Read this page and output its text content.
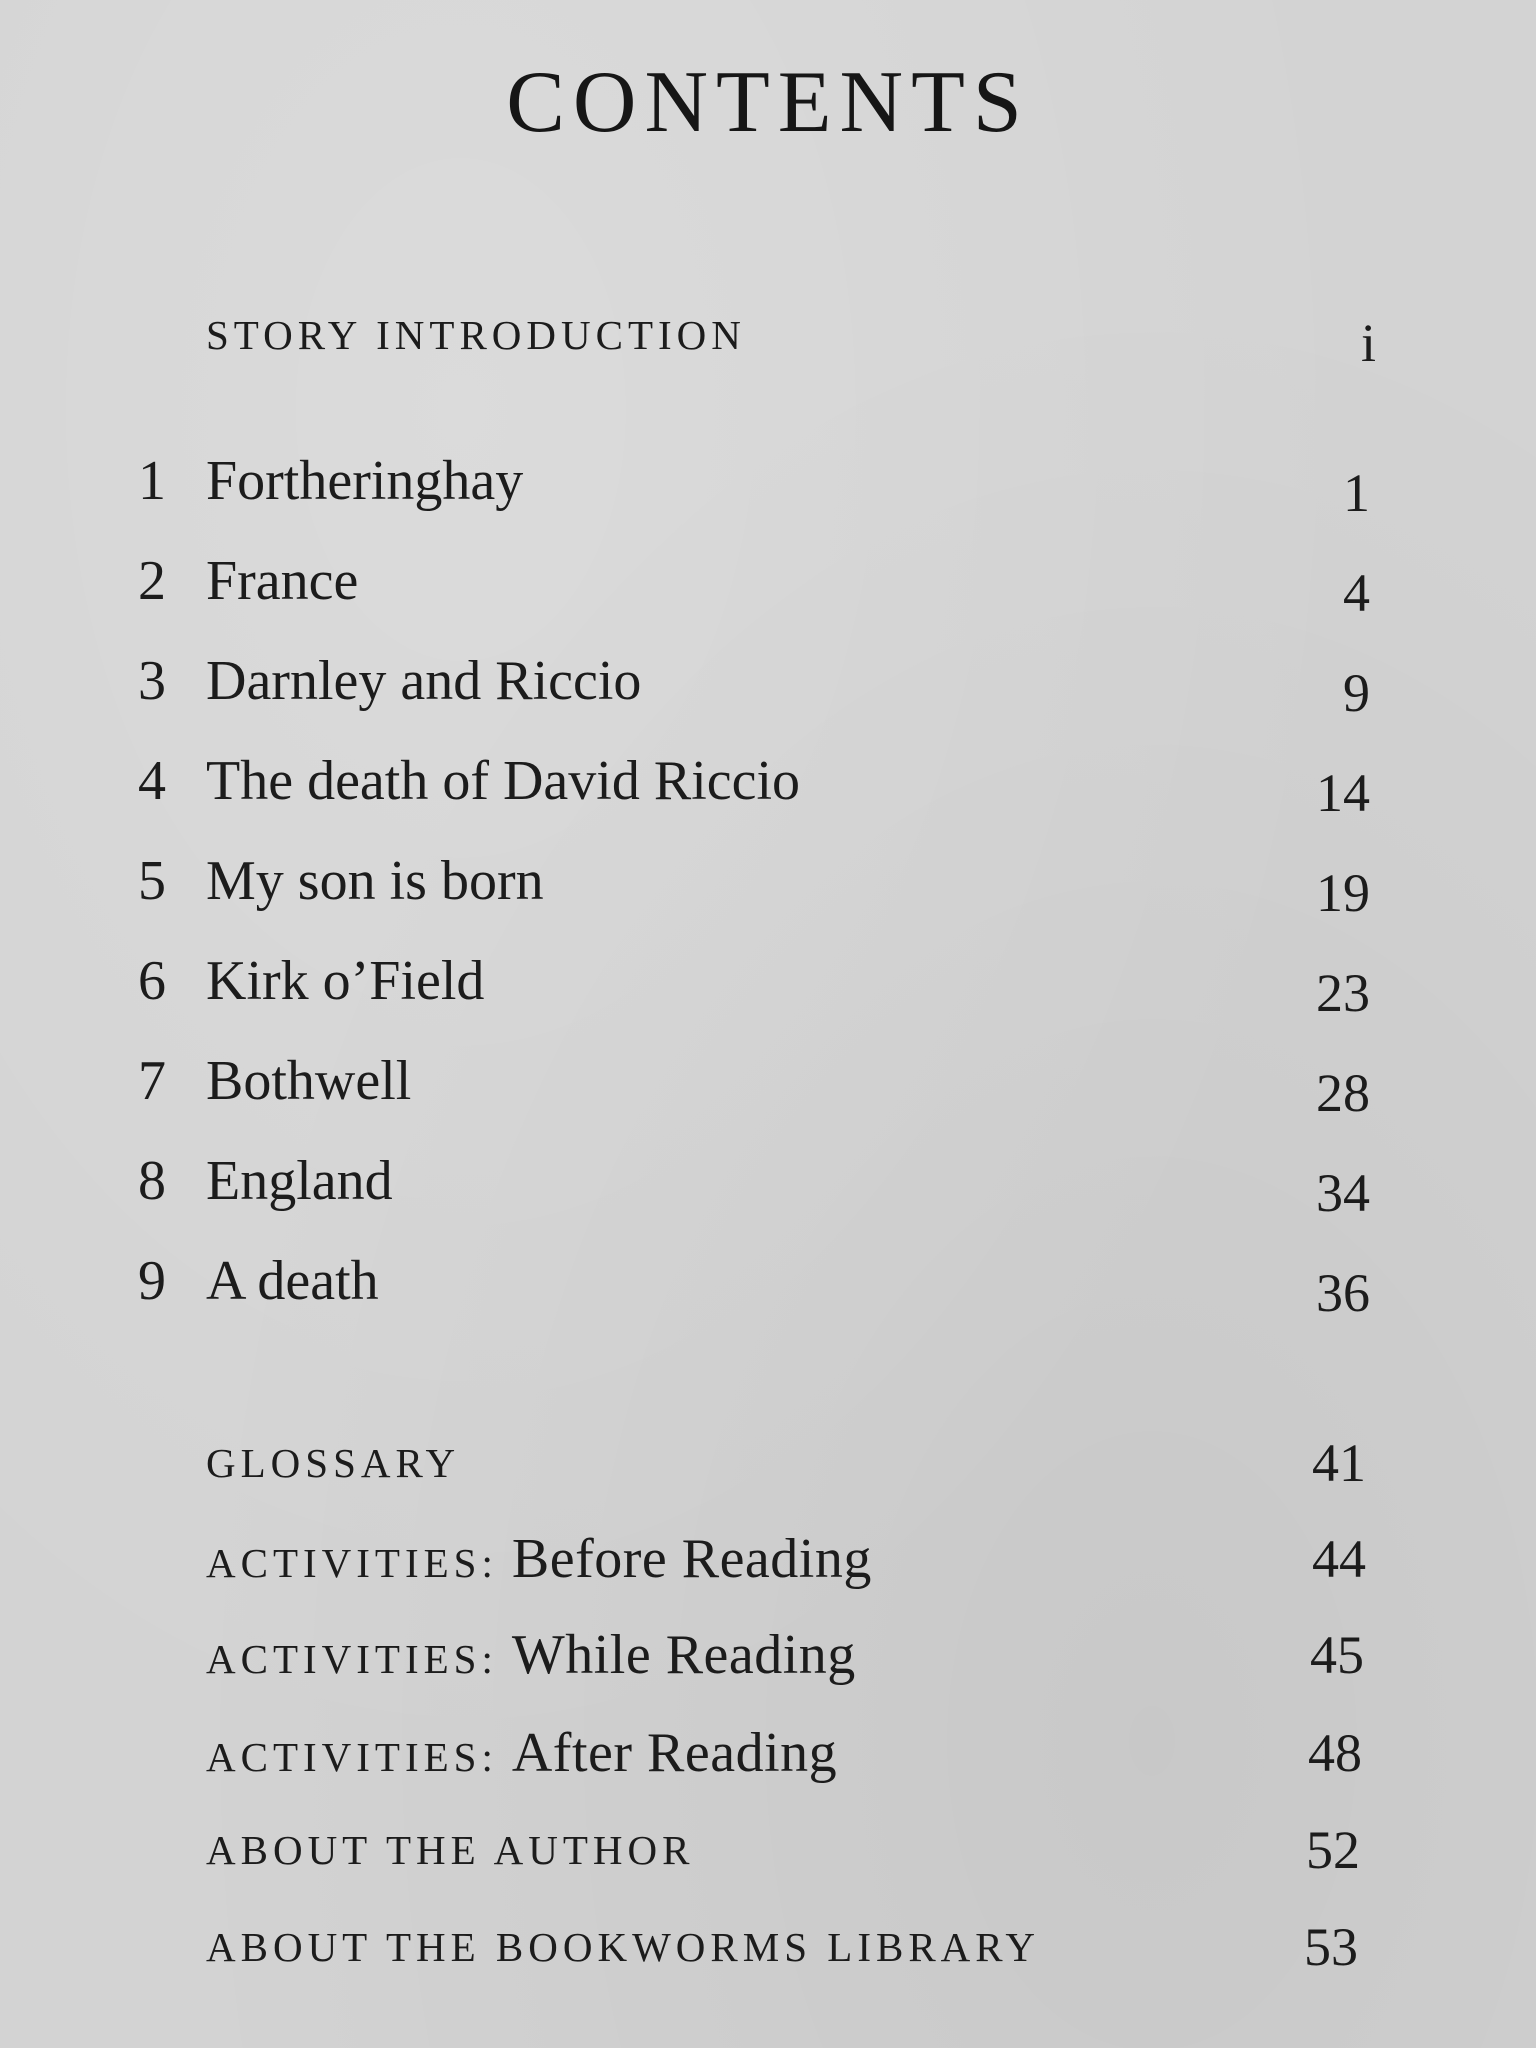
CONTENTS
STORY INTRODUCTION	i
1 Fortheringhay	1
2 France	4
3 Darnley and Riccio	9
4 The death of David Riccio	14
5 My son is born	19
6 Kirk o’Field	23
7 Bothwell	28
8 England	34
9 A death	36
GLOSSARY	41
ACTIVITIES: Before Reading	44
ACTIVITIES: While Reading	45
ACTIVITIES: After Reading	48
ABOUT THE AUTHOR	52
ABOUT THE BOOKWORMS LIBRARY	53
